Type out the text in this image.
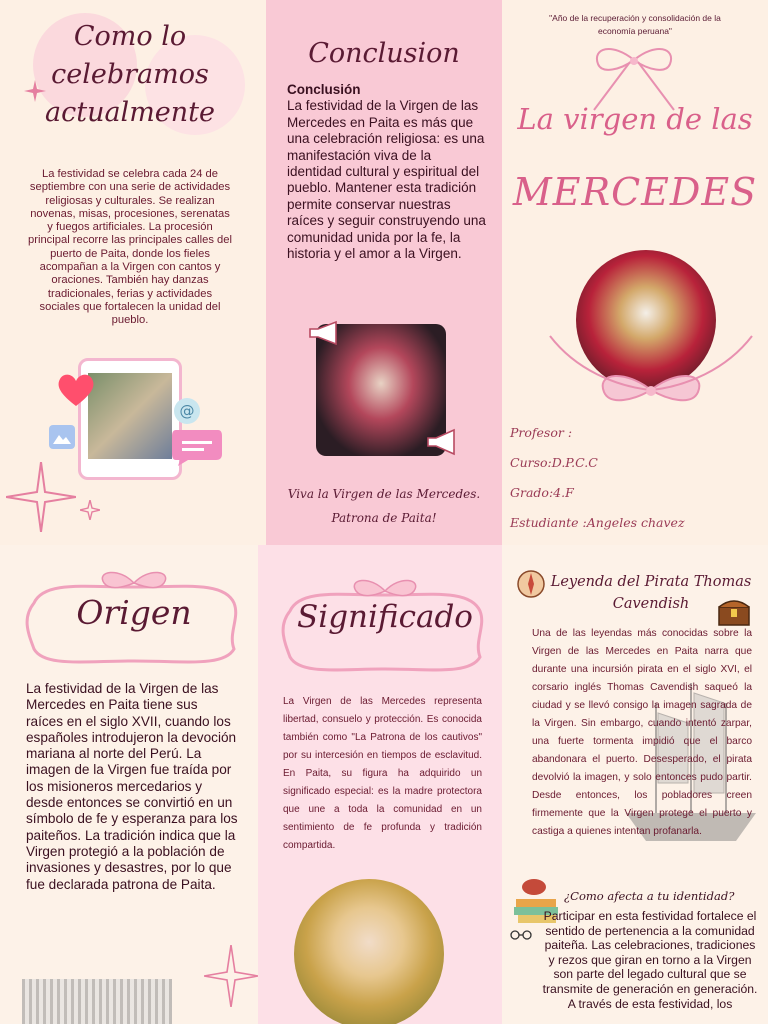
Como lo
celebramos
actualmente
La festividad se celebra cada 24 de septiembre con una serie de actividades religiosas y culturales. Se realizan novenas, misas, procesiones, serenatas y fuegos artificiales. La procesión principal recorre las principales calles del puerto de Paita, donde los fieles acompañan a la Virgen con cantos y oraciones. También hay danzas tradicionales, ferias y actividades sociales que fortalecen la unidad del pueblo.
@
Conclusion
Conclusión
La festividad de la Virgen de las Mercedes en Paita es más que una celebración religiosa: es una manifestación viva de la identidad cultural y espiritual del pueblo. Mantener esta tradición permite conservar nuestras raíces y seguir construyendo una comunidad unida por la fe, la historia y el amor a la Virgen.
Viva la Virgen de las Mercedes.
Patrona de Paita!
"Año de la recuperación y consolidación de la economía peruana"
La virgen de las
MERCEDES
Profesor :
Curso:D.P.C.C
Grado:4.F
Estudiante :Angeles chavez
Origen
La festividad de la Virgen de las Mercedes en Paita tiene sus raíces en el siglo XVII, cuando los españoles introdujeron la devoción mariana al norte del Perú. La imagen de la Virgen fue traída por los misioneros mercedarios y desde entonces se convirtió en un símbolo de fe y esperanza para los paiteños. La tradición indica que la Virgen protegió a la población de invasiones y desastres, por lo que fue declarada patrona de Paita.
Significado
La Virgen de las Mercedes representa libertad, consuelo y protección. Es conocida también como "La Patrona de los cautivos" por su intercesión en tiempos de esclavitud. En Paita, su figura ha adquirido un significado especial: es la madre protectora que une a toda la comunidad en un sentimiento de fe profunda y tradición compartida.
Leyenda del Pirata Thomas
Cavendish
Una de las leyendas más conocidas sobre la Virgen de las Mercedes en Paita narra que durante una incursión pirata en el siglo XVI, el corsario inglés Thomas Cavendish saqueó la ciudad y se llevó consigo la imagen sagrada de la Virgen. Sin embargo, cuando intentó zarpar, una fuerte tormenta impidió que el barco abandonara el puerto. Desesperado, el pirata devolvió la imagen, y solo entonces pudo partir. Desde entonces, los pobladores creen firmemente que la Virgen protege el puerto y castiga a quienes intentan profanarla.
¿Como afecta a tu identidad?
Participar en esta festividad fortalece el sentido de pertenencia a la comunidad paiteña. Las celebraciones, tradiciones y rezos que giran en torno a la Virgen son parte del legado cultural que se transmite de generación en generación. A través de esta festividad, los
